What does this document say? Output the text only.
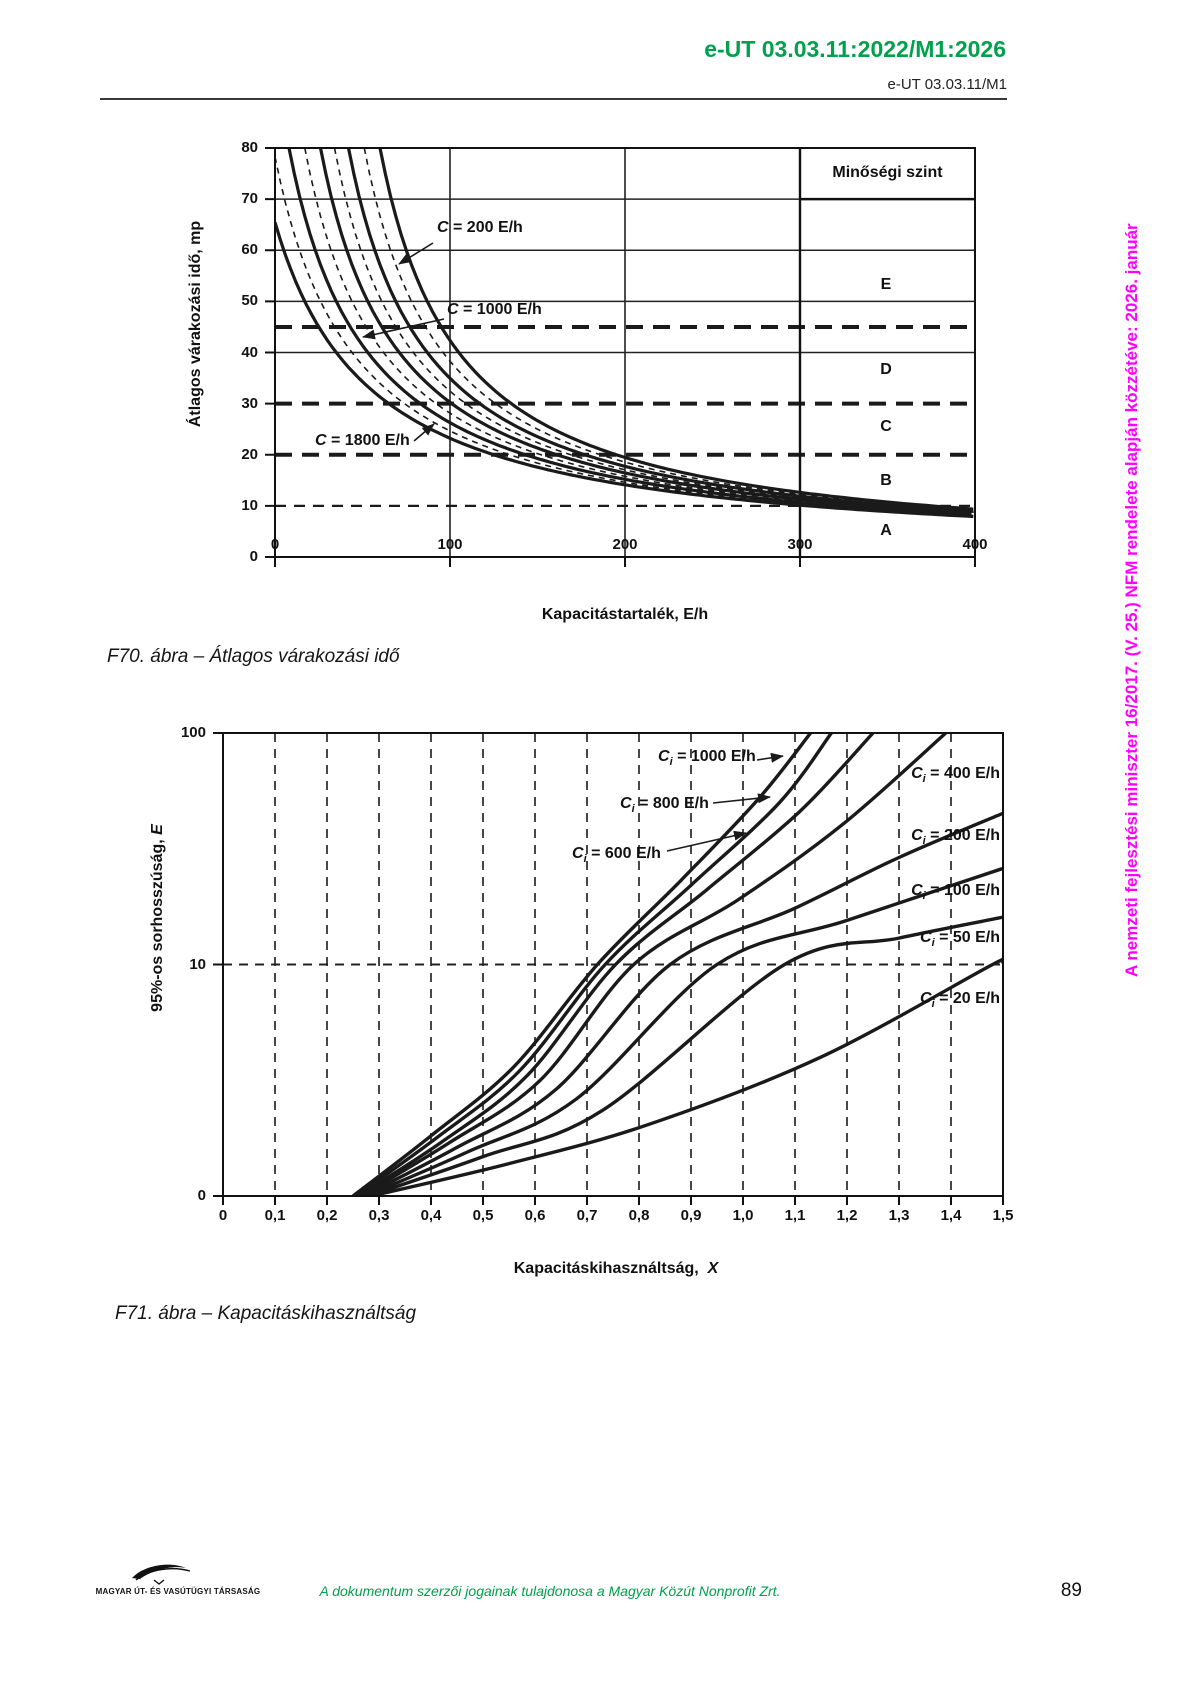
e-UT 03.03.11:2022/M1:2026
e-UT 03.03.11/M1
Átlagos várakozási idő, mp
Kapacitástartalék, E/h
Minőségi szint
E
D
C
B
A
C = 200 E/h
C = 1000 E/h
C = 1800 E/h
F70. ábra – Átlagos várakozási idő
95%-os sorhosszúság, E
Kapacitáskihasználtság, X
F71. ábra – Kapacitáskihasználtság
A nemzeti fejlesztési miniszter 16/2017. (V. 25.) NFM rendelete alapján közzétéve: 2026. január
MAGYAR ÚT- ÉS VASÚTÜGYI TÁRSASÁG	A dokumentum szerzői jogainak tulajdonosa a Magyar Közút Nonprofit Zrt.	89
0
10
20
30
40
50
60
70
80
0	100	200	300	400
100
10
0
0	0,1	0,2	0,3	0,4	0,5	0,6	0,7	0,8	0,9	1,0	1,1	1,2	1,3	1,4	1,5
$C_i = 1000$ E/h
$C_i = 800$ E/h
$C_i = 600$ E/h
$C_i = 400$ E/h
$C_i = 200$ E/h
$C_i = 100$ E/h
$C_i = 50$ E/h
$C_i = 20$ E/h
